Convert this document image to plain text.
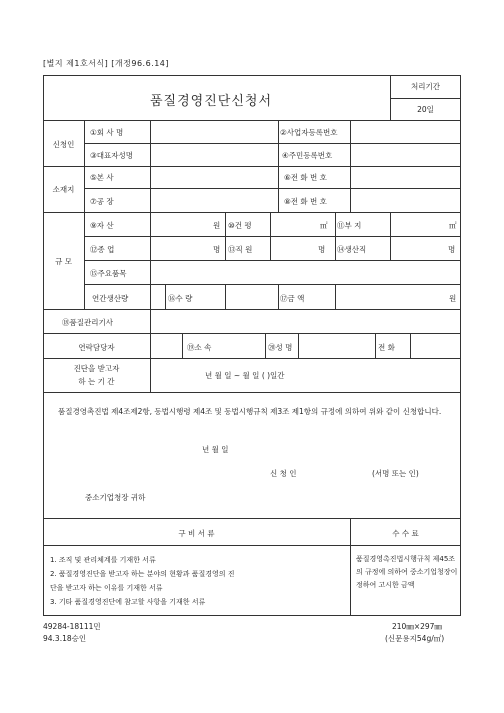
[별지 제1호서식] [개정96.6.14]
품질경영진단신청서
처리기간
20일
신청인
①회 사 명	②사업자등록번호
③대표자성명	④주민등록번호
소재지
⑤본 사	⑥전 화 번 호
⑦공 장	⑧전 화 번 호
규 모
⑨자 산	원 ⑩건 평	㎡ ⑪부 지	㎡
⑫종 업	명 ⑬직 원	명 ⑭생산직	명
⑮주요품목
연간생산량	⑯수 량	⑰금 액	원
⑱품질관리기사
연락담당자	⑲소 속	⑳성 명	전 화
진단을 받고자
하 는 기 간
년 월 일 ~ 월 일 ( )일간
품질경영촉진법 제4조제2항, 동법시행령 제4조 및 동법시행규칙 제3조 제1항의 규정에 의하여 위와 같이 신청합니다.
년 월 일
신 청 인	(서명 또는 인)
중소기업청장 귀하
구 비 서 류	수 수 료
1. 조직 및 관리체계를 기재한 서류
2. 품질경영진단을 받고자 하는 분야의 현황과 품질경영의 진
단을 받고자 하는 이유를 기재한 서류
3. 기타 품질경영진단에 참고할 사항을 기재한 서류
품질경영촉진법시행규칙 제45조의 규정에 의하여 중소기업청장이 정하여 고시한 금액
49284-18111민
94.3.18승인
210㎜×297㎜
(신문용지54g/㎡)
